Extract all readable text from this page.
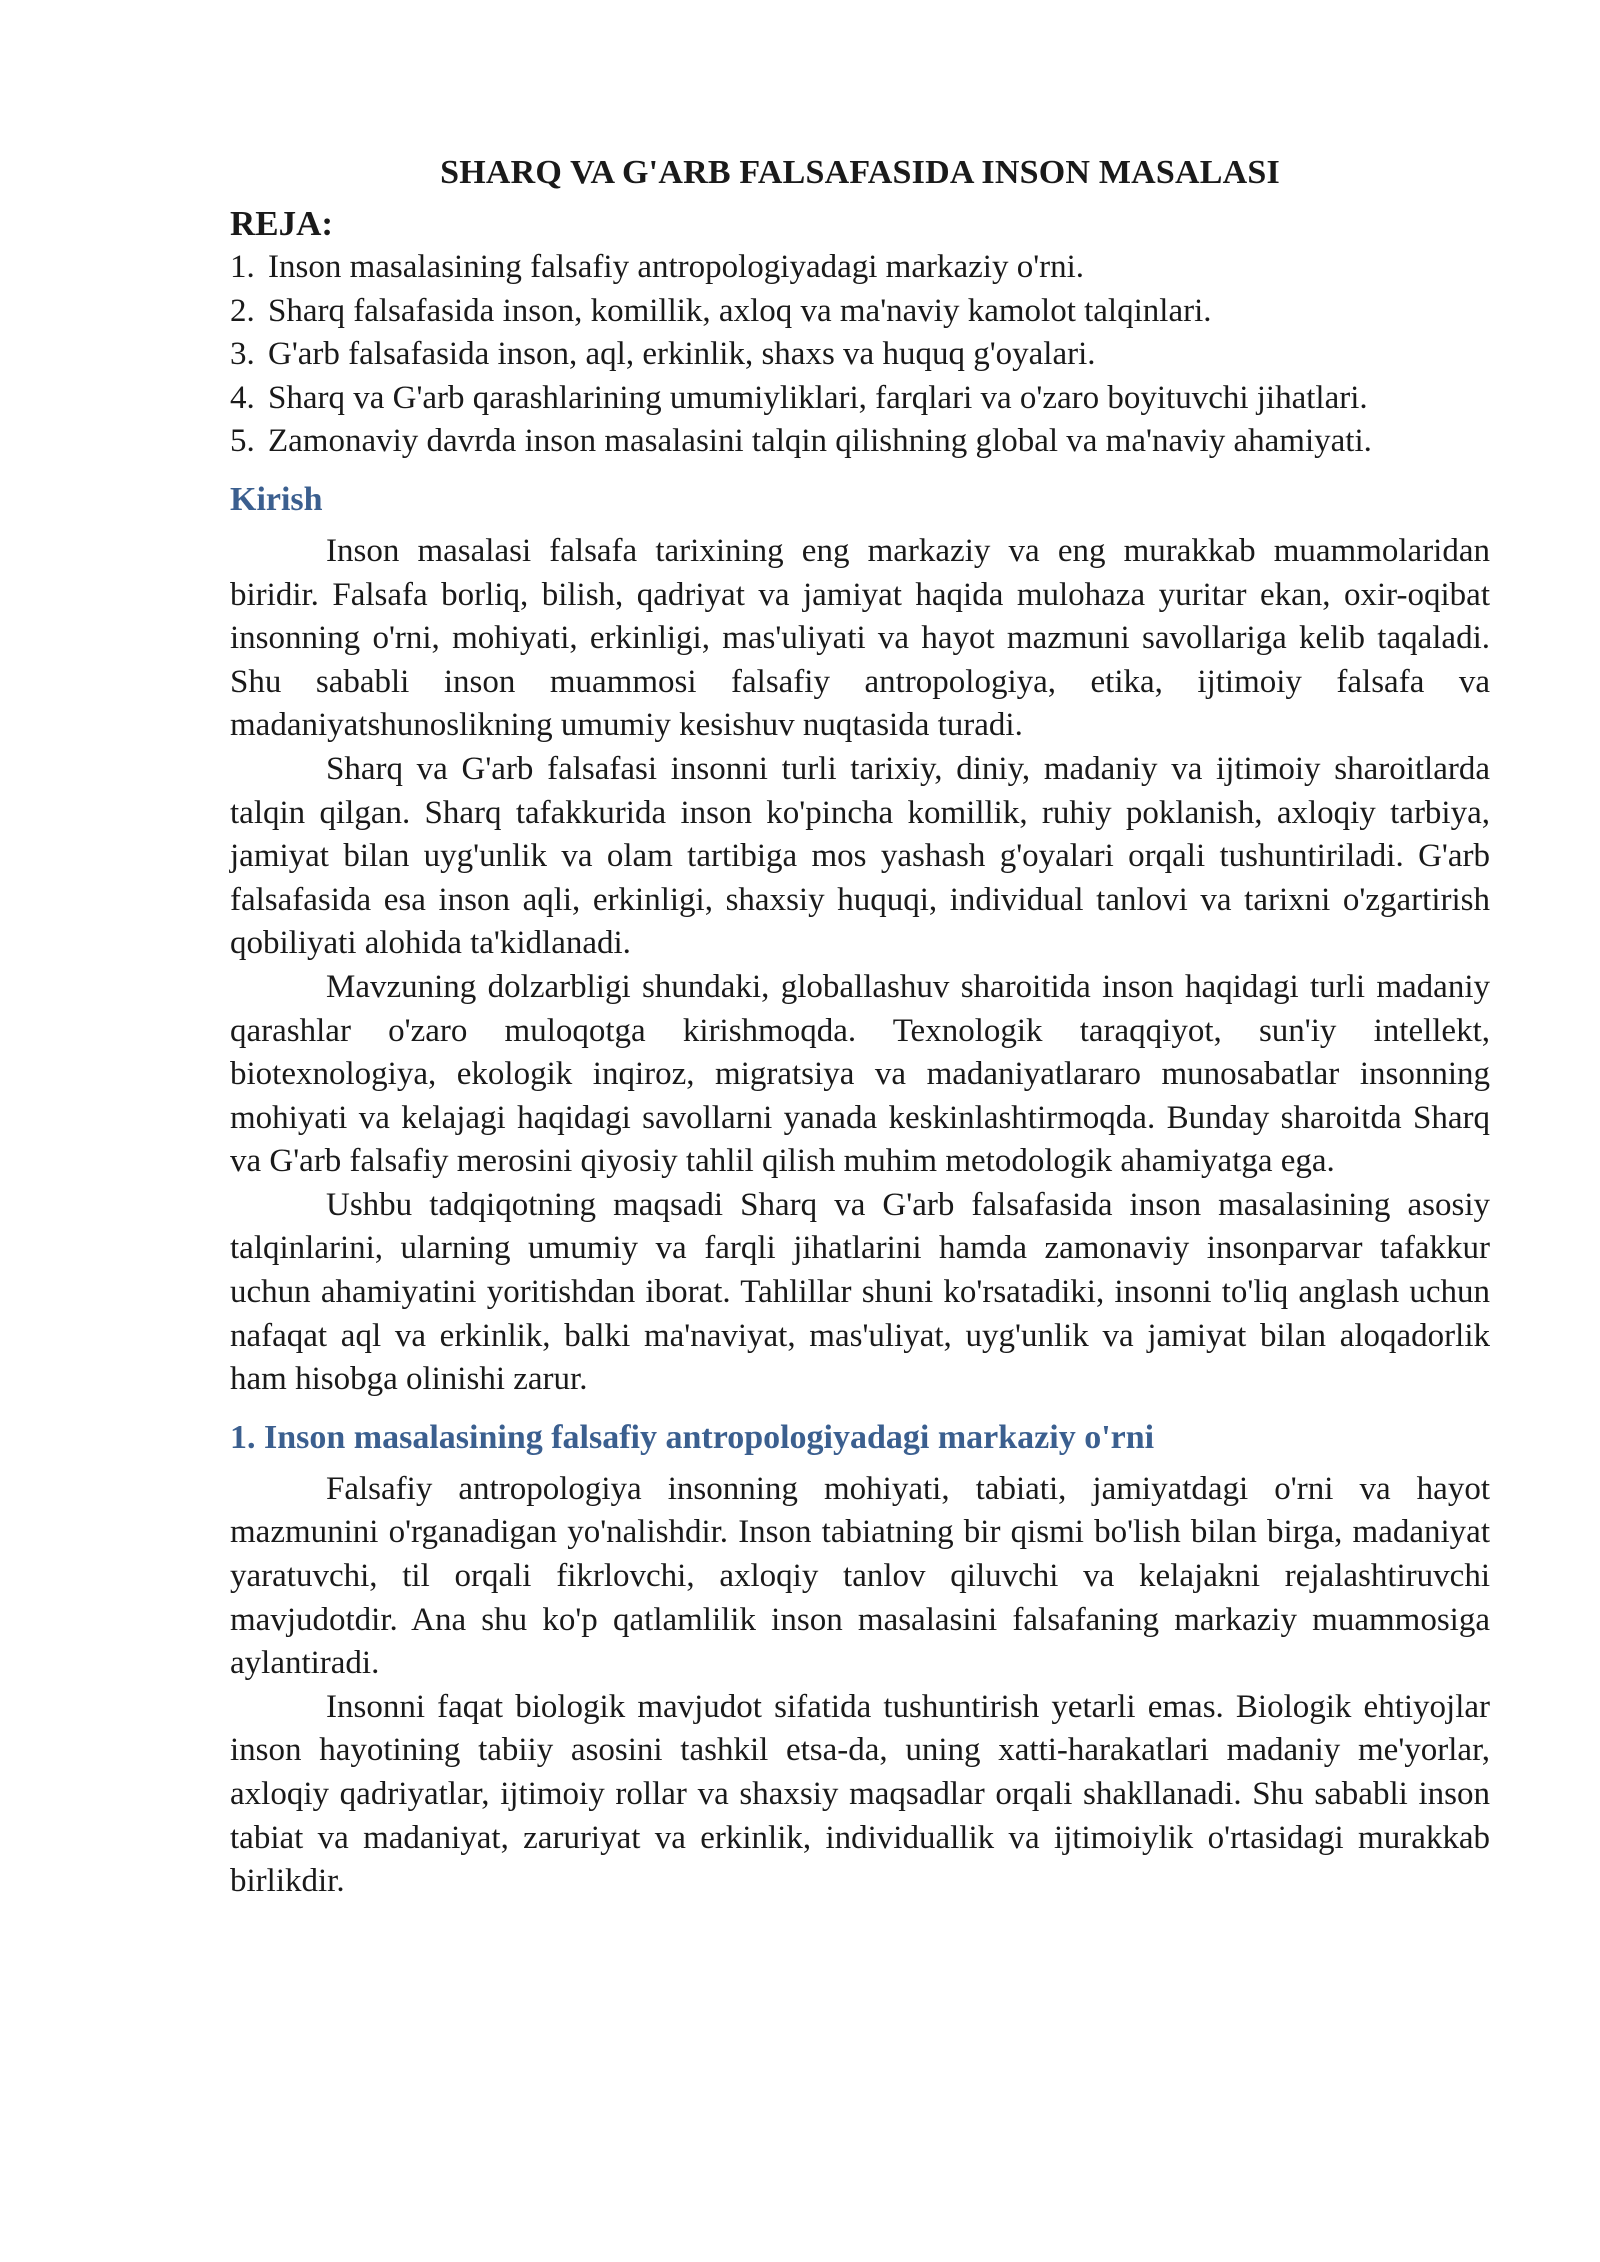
SHARQ VA G'ARB FALSAFASIDA INSON MASALASI

REJA:

1. Inson masalasining falsafiy antropologiyadagi markaziy o'rni.
2. Sharq falsafasida inson, komillik, axloq va ma'naviy kamolot talqinlari.
3. G'arb falsafasida inson, aql, erkinlik, shaxs va huquq g'oyalari.
4. Sharq va G'arb qarashlarining umumiyliklari, farqlari va o'zaro boyituvchi jihatlari.
5. Zamonaviy davrda inson masalasini talqin qilishning global va ma'naviy ahamiyati.
Kirish

Inson masalasi falsafa tarixining eng markaziy va eng murakkab muammolaridan biridir. Falsafa borliq, bilish, qadriyat va jamiyat haqida mulohaza yuritar ekan, oxir-oqibat insonning o'rni, mohiyati, erkinligi, mas'uliyati va hayot mazmuni savollariga kelib taqaladi. Shu sababli inson muammosi falsafiy antropologiya, etika, ijtimoiy falsafa va madaniyatshunoslikning umumiy kesishuv nuqtasida turadi.

Sharq va G'arb falsafasi insonni turli tarixiy, diniy, madaniy va ijtimoiy sharoitlarda talqin qilgan. Sharq tafakkurida inson ko'pincha komillik, ruhiy poklanish, axloqiy tarbiya, jamiyat bilan uyg'unlik va olam tartibiga mos yashash g'oyalari orqali tushuntiriladi. G'arb falsafasida esa inson aqli, erkinligi, shaxsiy huquqi, individual tanlovi va tarixni o'zgartirish qobiliyati alohida ta'kidlanadi.

Mavzuning dolzarbligi shundaki, globallashuv sharoitida inson haqidagi turli madaniy qarashlar o'zaro muloqotga kirishmoqda. Texnologik taraqqiyot, sun'iy intellekt, biotexnologiya, ekologik inqiroz, migratsiya va madaniyatlararo munosabatlar insonning mohiyati va kelajagi haqidagi savollarni yanada keskinlashtirmoqda. Bunday sharoitda Sharq va G'arb falsafiy merosini qiyosiy tahlil qilish muhim metodologik ahamiyatga ega.

Ushbu tadqiqotning maqsadi Sharq va G'arb falsafasida inson masalasining asosiy talqinlarini, ularning umumiy va farqli jihatlarini hamda zamonaviy insonparvar tafakkur uchun ahamiyatini yoritishdan iborat. Tahlillar shuni ko'rsatadiki, insonni to'liq anglash uchun nafaqat aql va erkinlik, balki ma'naviyat, mas'uliyat, uyg'unlik va jamiyat bilan aloqadorlik ham hisobga olinishi zarur.

1. Inson masalasining falsafiy antropologiyadagi markaziy o'rni

Falsafiy antropologiya insonning mohiyati, tabiati, jamiyatdagi o'rni va hayot mazmunini o'rganadigan yo'nalishdir. Inson tabiatning bir qismi bo'lish bilan birga, madaniyat yaratuvchi, til orqali fikrlovchi, axloqiy tanlov qiluvchi va kelajakni rejalashtiruvchi mavjudotdir. Ana shu ko'p qatlamlilik inson masalasini falsafaning markaziy muammosiga aylantiradi.

Insonni faqat biologik mavjudot sifatida tushuntirish yetarli emas. Biologik ehtiyojlar inson hayotining tabiiy asosini tashkil etsa-da, uning xatti-harakatlari madaniy me'yorlar, axloqiy qadriyatlar, ijtimoiy rollar va shaxsiy maqsadlar orqali shakllanadi. Shu sababli inson tabiat va madaniyat, zaruriyat va erkinlik, individuallik va ijtimoiylik o'rtasidagi murakkab birlikdir.
